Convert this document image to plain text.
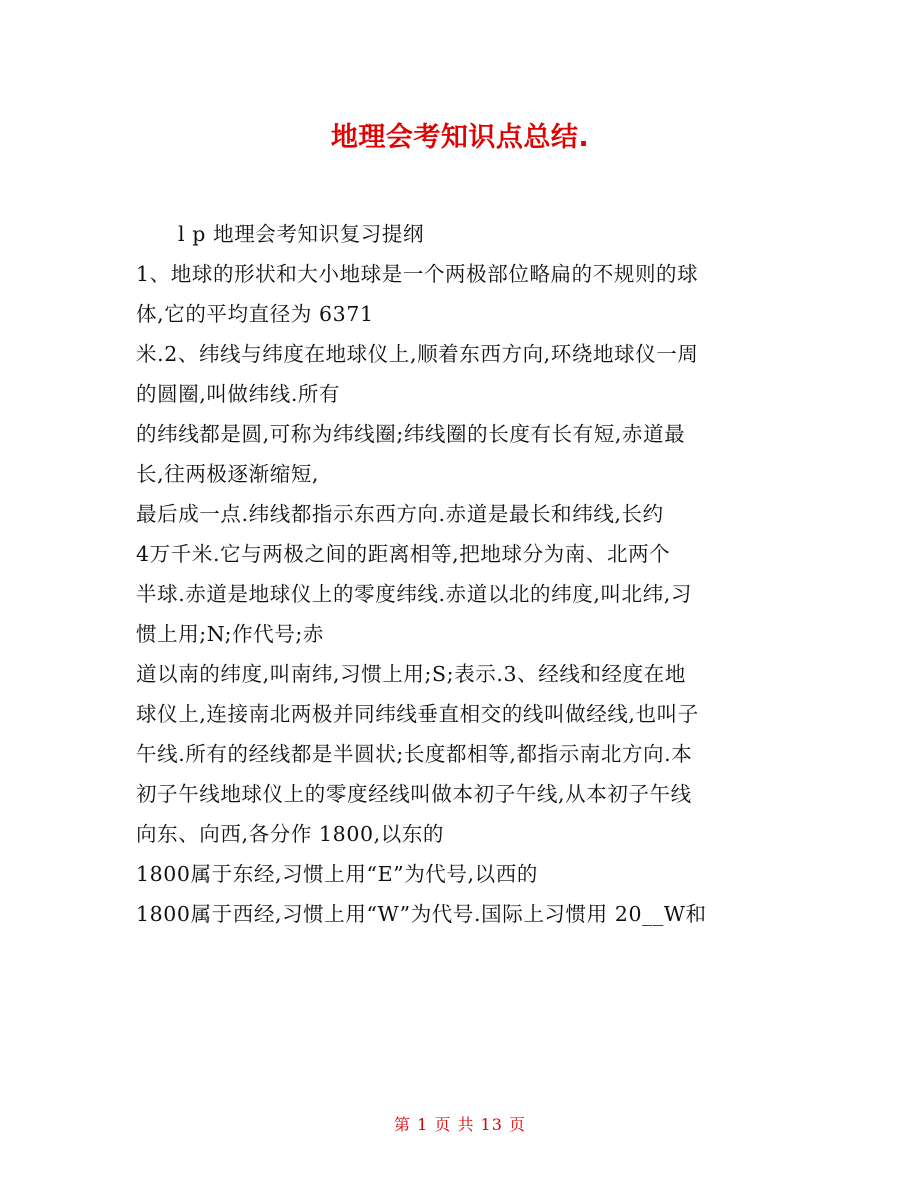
地理会考知识点总结.
l p 地理会考知识复习提纲
1、地球的形状和大小地球是一个两极部位略扁的不规则的球
体,它的平均直径为 6371
米.2、纬线与纬度在地球仪上,顺着东西方向,环绕地球仪一周
的圆圈,叫做纬线.所有
的纬线都是圆,可称为纬线圈;纬线圈的长度有长有短,赤道最
长,往两极逐渐缩短,
最后成一点.纬线都指示东西方向.赤道是最长和纬线,长约
4万千米.它与两极之间的距离相等,把地球分为南、北两个
半球.赤道是地球仪上的零度纬线.赤道以北的纬度,叫北纬,习
惯上用;N;作代号;赤
道以南的纬度,叫南纬,习惯上用;S;表示.3、经线和经度在地
球仪上,连接南北两极并同纬线垂直相交的线叫做经线,也叫子
午线.所有的经线都是半圆状;长度都相等,都指示南北方向.本
初子午线地球仪上的零度经线叫做本初子午线,从本初子午线
向东、向西,各分作 1800,以东的
1800属于东经,习惯上用“E”为代号,以西的
1800属于西经,习惯上用“W”为代号.国际上习惯用 20__W和
第 1 页 共 13 页
